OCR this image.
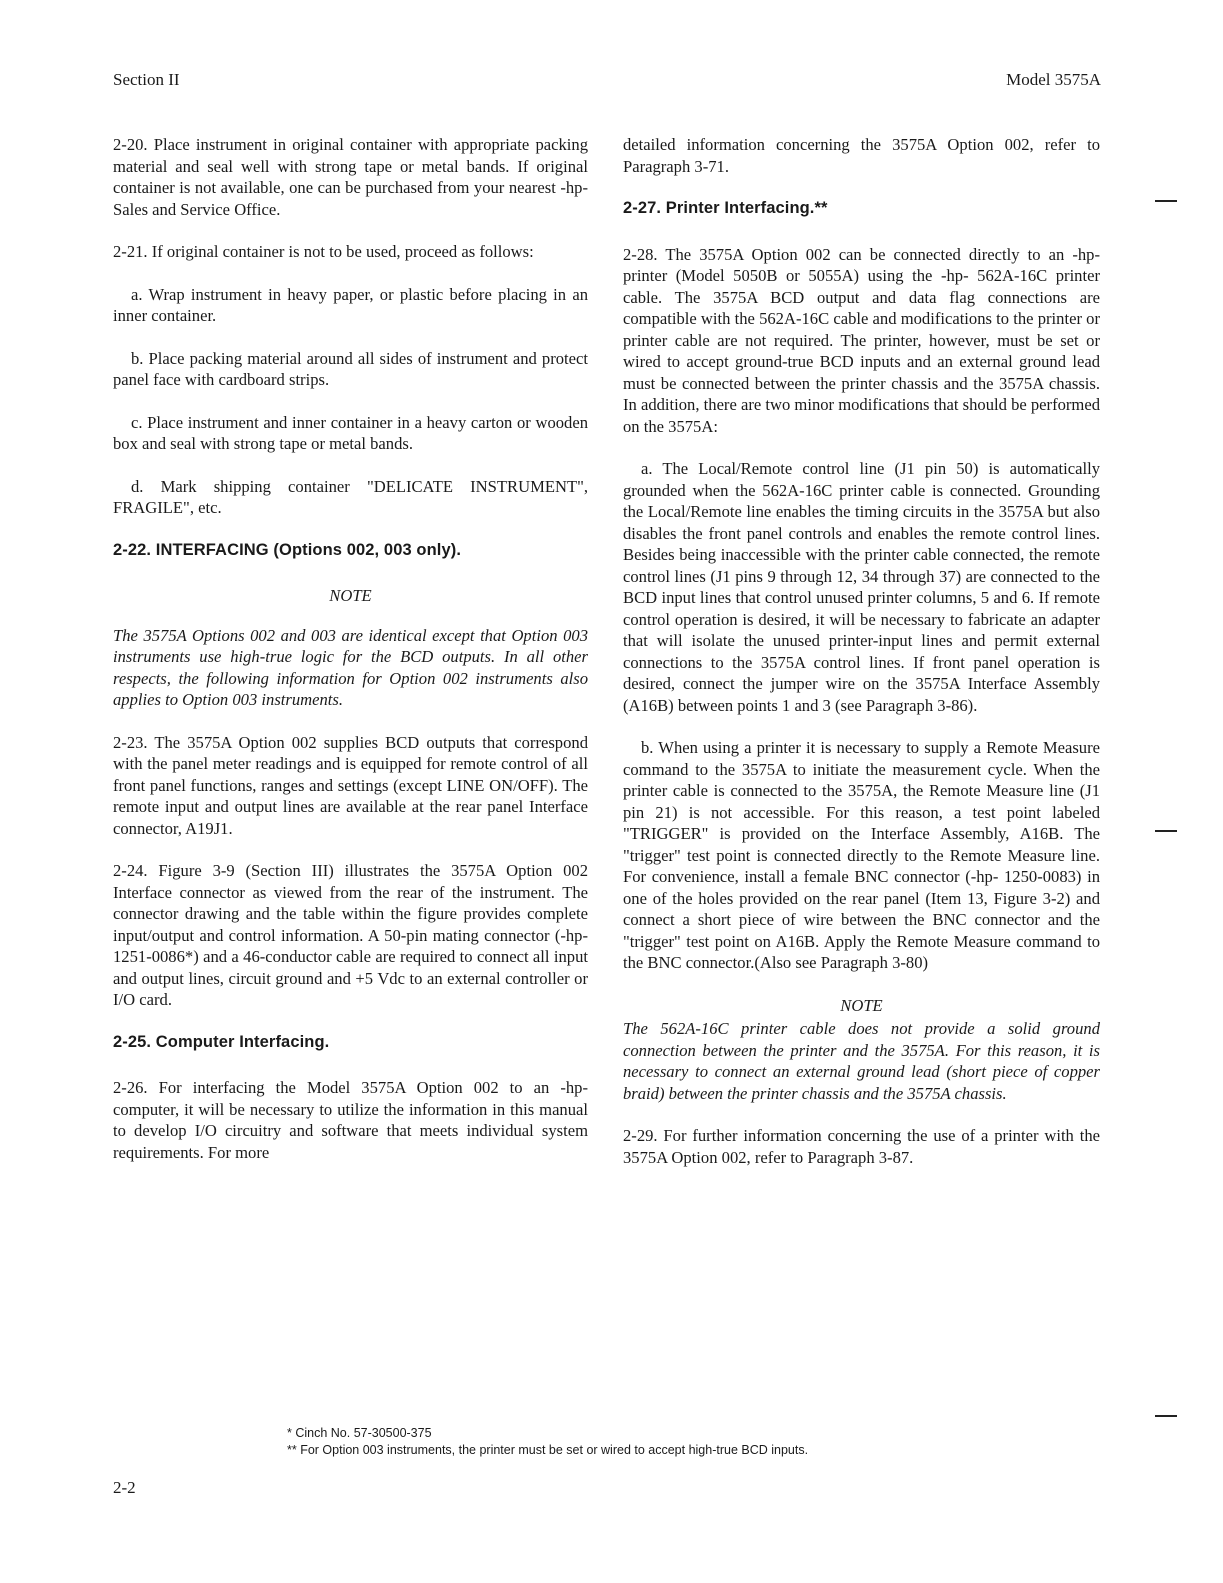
Section II	Model 3575A

2-20. Place instrument in original container with appropriate packing material and seal well with strong tape or metal bands. If original container is not available, one can be purchased from your nearest -hp- Sales and Service Office.

2-21. If original container is not to be used, proceed as follows:

a. Wrap instrument in heavy paper, or plastic before placing in an inner container.

b. Place packing material around all sides of instrument and protect panel face with cardboard strips.

c. Place instrument and inner container in a heavy carton or wooden box and seal with strong tape or metal bands.

d. Mark shipping container "DELICATE INSTRUMENT", FRAGILE", etc.

2-22. INTERFACING (Options 002, 003 only).
NOTE

The 3575A Options 002 and 003 are identical except that Option 003 instruments use high-true logic for the BCD outputs. In all other respects, the following information for Option 002 instruments also applies to Option 003 instruments.

2-23. The 3575A Option 002 supplies BCD outputs that correspond with the panel meter readings and is equipped for remote control of all front panel functions, ranges and settings (except LINE ON/OFF). The remote input and output lines are available at the rear panel Interface connector, A19J1.

2-24. Figure 3-9 (Section III) illustrates the 3575A Option 002 Interface connector as viewed from the rear of the instrument. The connector drawing and the table within the figure provides complete input/output and control information. A 50-pin mating connector (-hp- 1251-0086*) and a 46-conductor cable are required to connect all input and output lines, circuit ground and +5 Vdc to an external controller or I/O card.

2-25. Computer Interfacing.

2-26. For interfacing the Model 3575A Option 002 to an -hp- computer, it will be necessary to utilize the information in this manual to develop I/O circuitry and software that meets individual system requirements. For more

detailed information concerning the 3575A Option 002, refer to Paragraph 3-71.

2-27. Printer Interfacing.**

2-28. The 3575A Option 002 can be connected directly to an -hp- printer (Model 5050B or 5055A) using the -hp- 562A-16C printer cable. The 3575A BCD output and data flag connections are compatible with the 562A-16C cable and modifications to the printer or printer cable are not required. The printer, however, must be set or wired to accept ground-true BCD inputs and an external ground lead must be connected between the printer chassis and the 3575A chassis. In addition, there are two minor modifications that should be performed on the 3575A:

a. The Local/Remote control line (J1 pin 50) is automatically grounded when the 562A-16C printer cable is connected. Grounding the Local/Remote line enables the timing circuits in the 3575A but also disables the front panel controls and enables the remote control lines. Besides being inaccessible with the printer cable connected, the remote control lines (J1 pins 9 through 12, 34 through 37) are connected to the BCD input lines that control unused printer columns, 5 and 6. If remote control operation is desired, it will be necessary to fabricate an adapter that will isolate the unused printer-input lines and permit external connections to the 3575A control lines. If front panel operation is desired, connect the jumper wire on the 3575A Interface Assembly (A16B) between points 1 and 3 (see Paragraph 3-86).

b. When using a printer it is necessary to supply a Remote Measure command to the 3575A to initiate the measurement cycle. When the printer cable is connected to the 3575A, the Remote Measure line (J1 pin 21) is not accessible. For this reason, a test point labeled "TRIGGER" is provided on the Interface Assembly, A16B. The "trigger" test point is connected directly to the Remote Measure line. For convenience, install a female BNC connector (-hp- 1250-0083) in one of the holes provided on the rear panel (Item 13, Figure 3-2) and connect a short piece of wire between the BNC connector and the "trigger" test point on A16B. Apply the Remote Measure command to the BNC connector.(Also see Paragraph 3-80)

NOTE

The 562A-16C printer cable does not provide a solid ground connection between the printer and the 3575A. For this reason, it is necessary to connect an external ground lead (short piece of copper braid) between the printer chassis and the 3575A chassis.

2-29. For further information concerning the use of a printer with the 3575A Option 002, refer to Paragraph 3-87.

* Cinch No. 57-30500-375
** For Option 003 instruments, the printer must be set or wired to accept high-true BCD inputs.
2-2
